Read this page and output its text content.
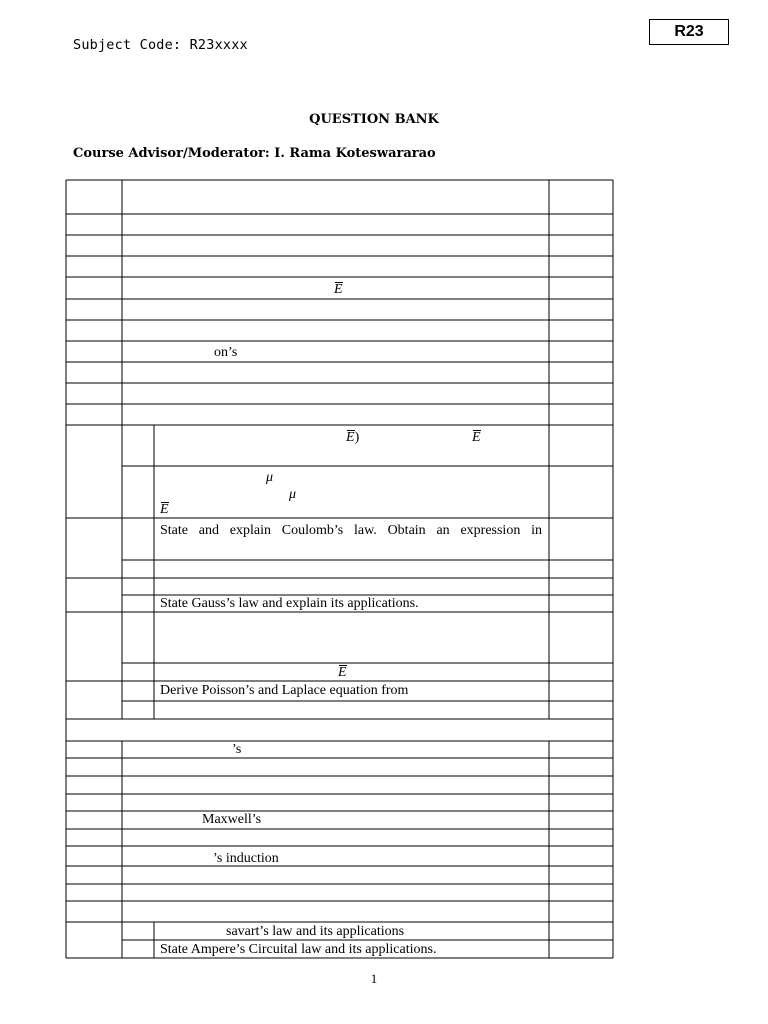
Subject Code: R23xxxx
R23
QUESTION BANK
Course Advisor/Moderator: I. Rama Koteswararao
E
on’s
E)	E
μ
μ
E
State and explain Coulomb’s law. Obtain an expression in
State Gauss’s law and explain its applications.
E
Derive Poisson’s and Laplace equation from
’s
Maxwell’s
’s induction
savart’s law and its applications
State Ampere’s Circuital law and its applications.
1
